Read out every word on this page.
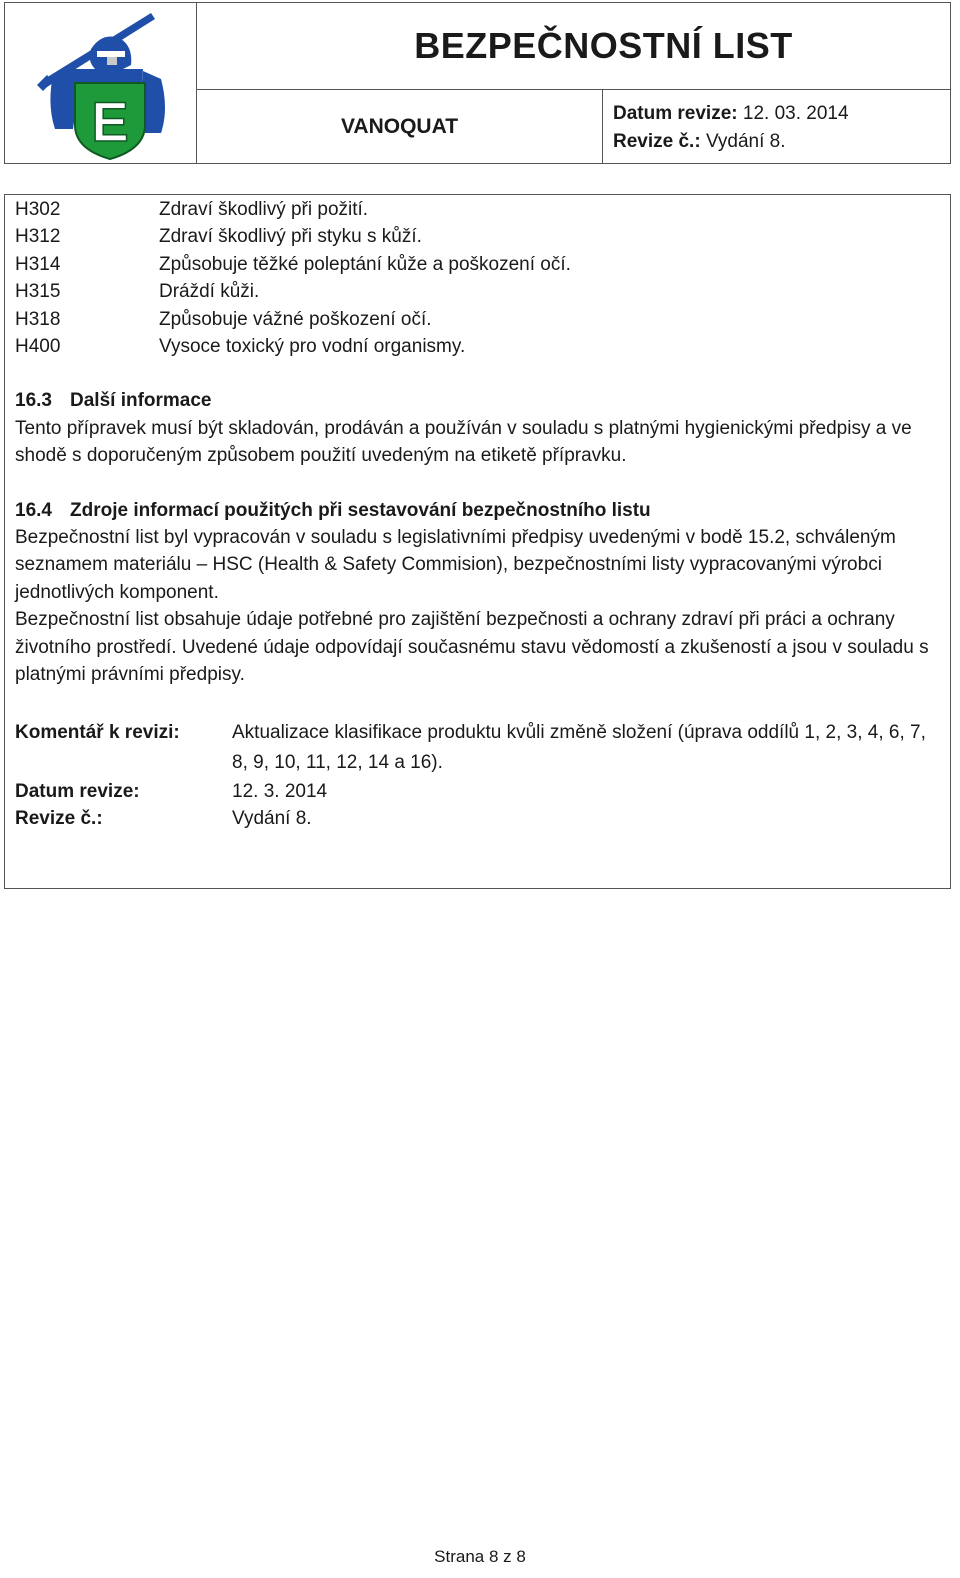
E
BEZPEČNOSTNÍ LIST
VANOQUAT
Datum revize: 12. 03. 2014
Revize č.: Vydání 8.
H302	Zdraví škodlivý při požití.
H312	Zdraví škodlivý při styku s kůží.
H314	Způsobuje těžké poleptání kůže a poškození očí.
H315	Dráždí kůži.
H318	Způsobuje vážné poškození očí.
H400	Vysoce toxický pro vodní organismy.
16.3 Další informace

Tento přípravek musí být skladován, prodáván a používán v souladu s platnými hygienickými předpisy a ve shodě s doporučeným způsobem použití uvedeným na etiketě přípravku.

16.4 Zdroje informací použitých při sestavování bezpečnostního listu

Bezpečnostní list byl vypracován v souladu s legislativními předpisy uvedenými v bodě 15.2, schváleným seznamem materiálu – HSC (Health & Safety Commision), bezpečnostními listy vypracovanými výrobci jednotlivých komponent.

Bezpečnostní list obsahuje údaje potřebné pro zajištění bezpečnosti a ochrany zdraví při práci a ochrany životního prostředí. Uvedené údaje odpovídají současnému stavu vědomostí a zkušeností a jsou v souladu s platnými právními předpisy.

Komentář k revizi:	Aktualizace klasifikace produktu kvůli změně složení (úprava oddílů 1, 2, 3, 4, 6, 7, 8, 9, 10, 11, 12, 14 a 16).
Datum revize:	12. 3. 2014
Revize č.:	Vydání 8.
Strana 8 z 8
